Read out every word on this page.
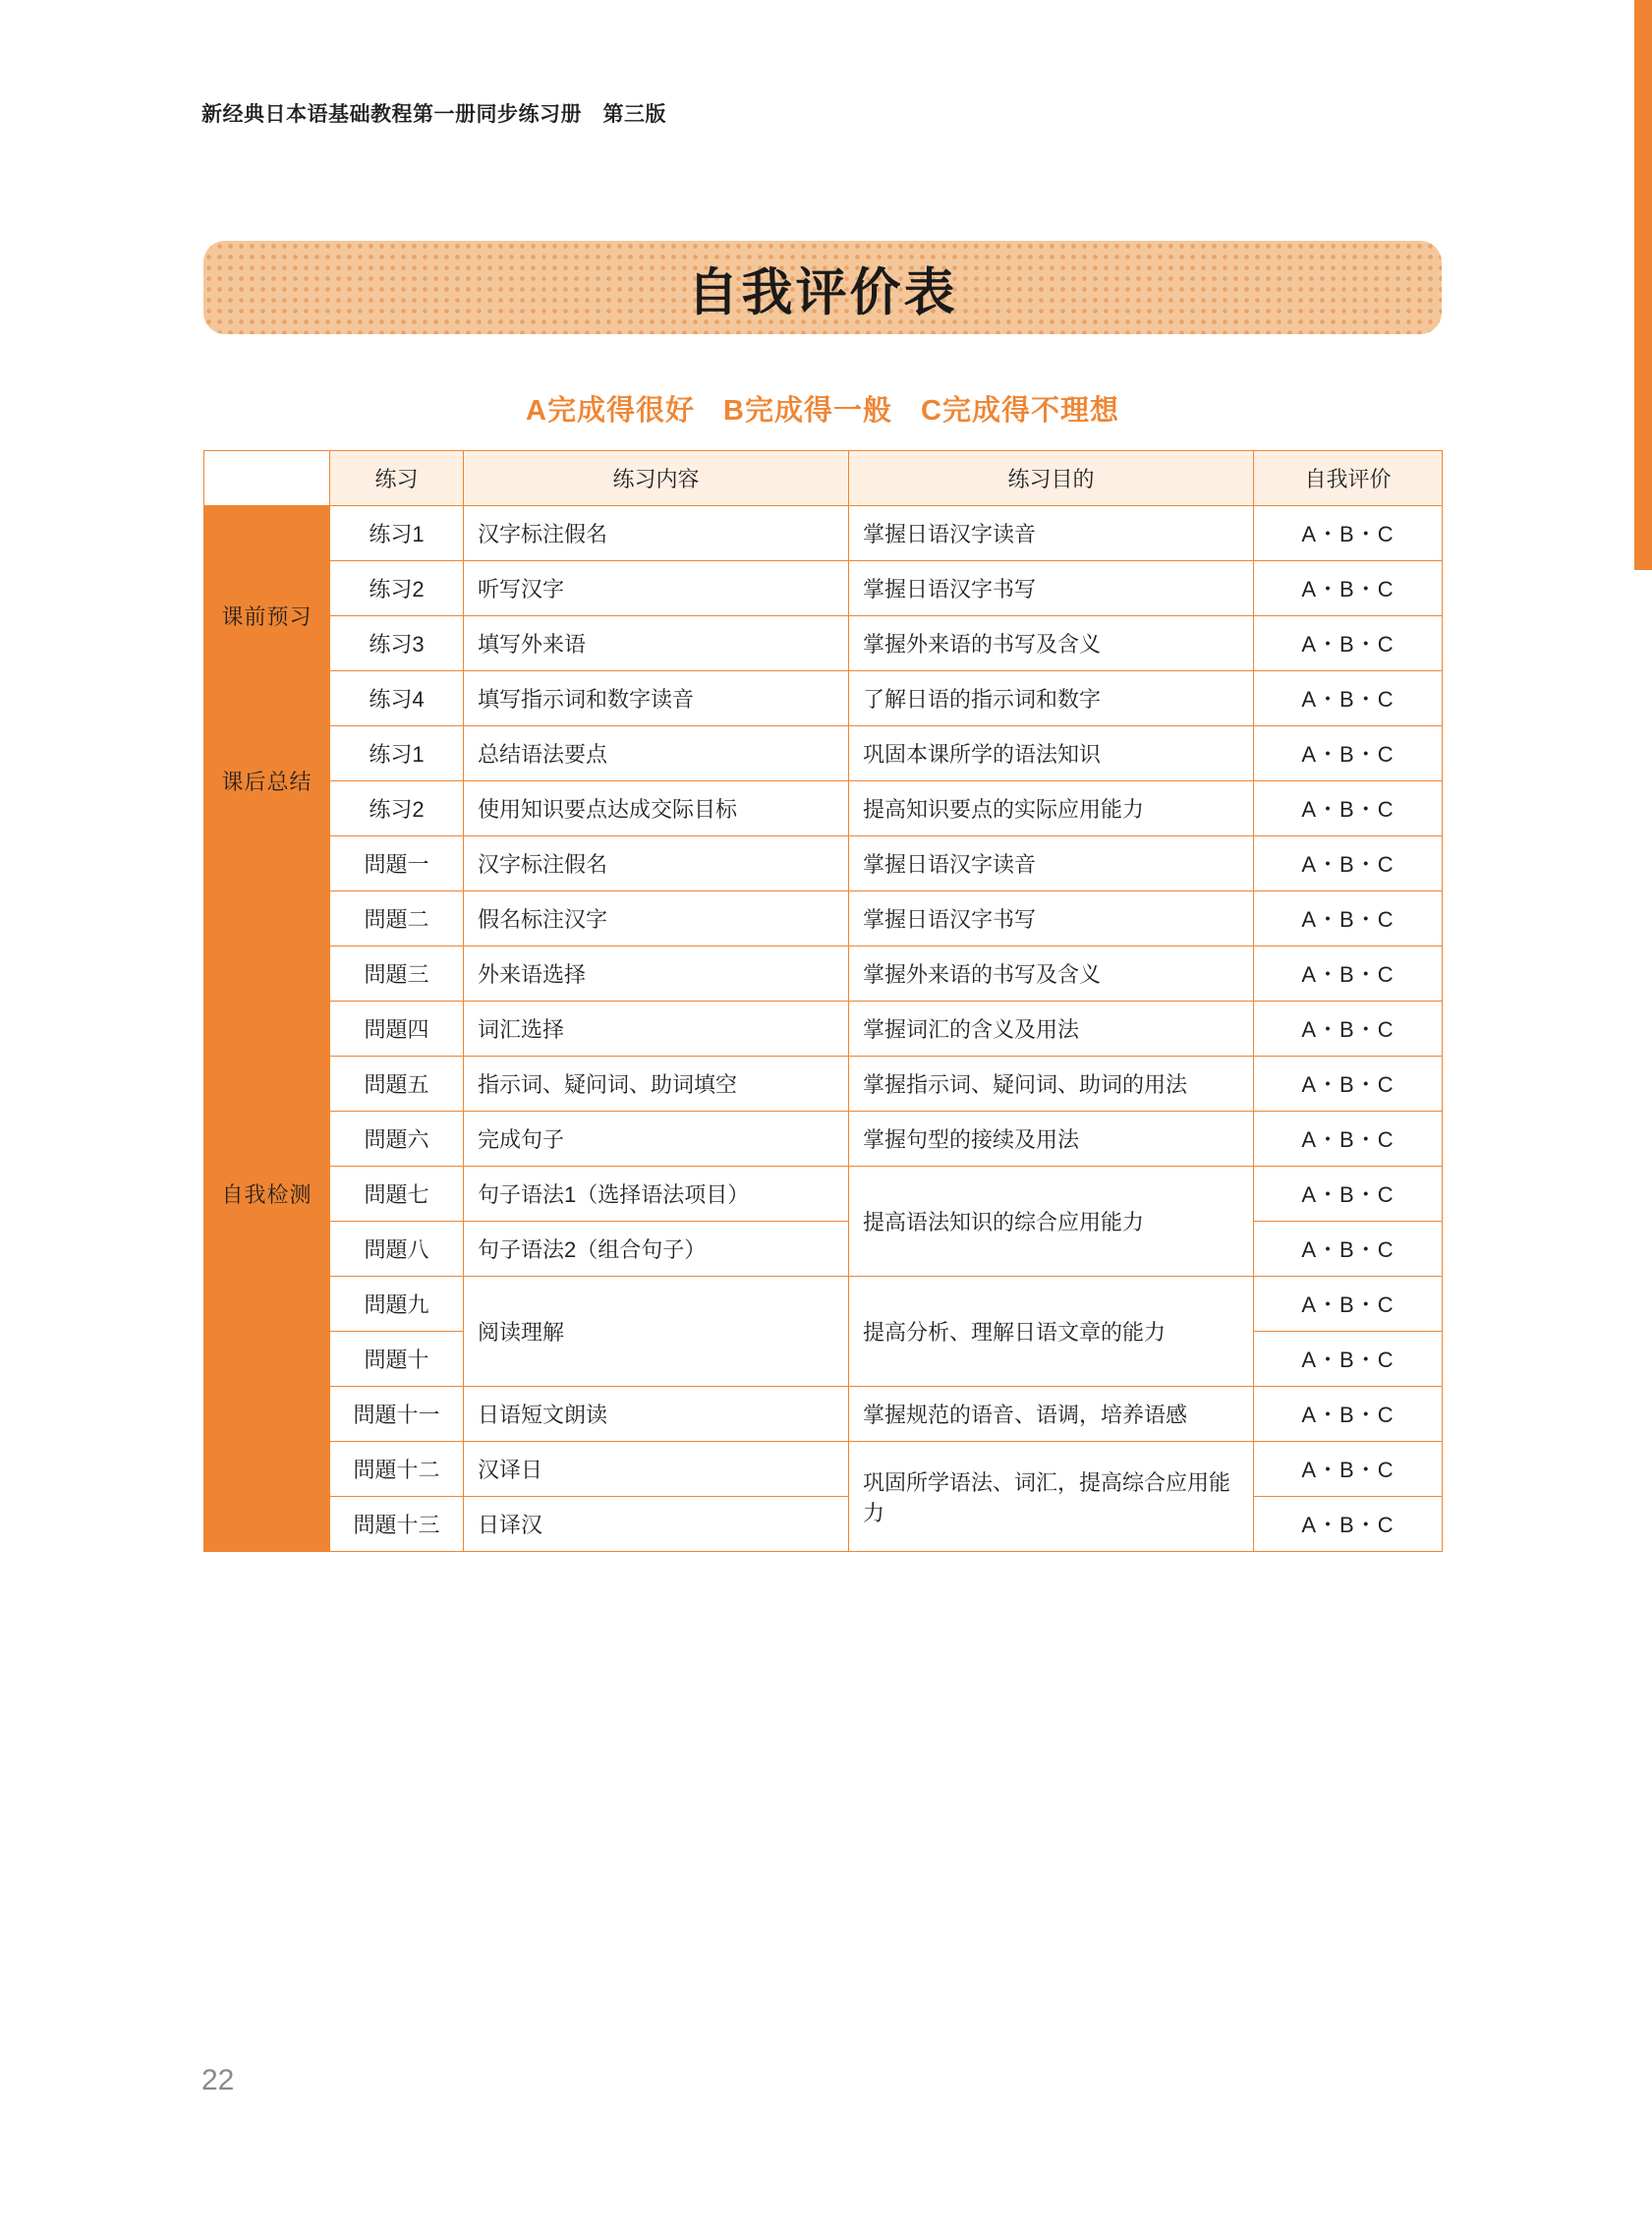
新经典日本语基础教程第一册同步练习册　第三版
自我评价表
A完成得很好 B完成得一般 C完成得不理想
	练习	练习内容	练习目的	自我评价
课前预习	练习1	汉字标注假名	掌握日语汉字读音	A・B・C
	练习2	听写汉字	掌握日语汉字书写	A・B・C
	练习3	填写外来语	掌握外来语的书写及含义	A・B・C
	练习4	填写指示词和数字读音	了解日语的指示词和数字	A・B・C
课后总结	练习1	总结语法要点	巩固本课所学的语法知识	A・B・C
	练习2	使用知识要点达成交际目标	提高知识要点的实际应用能力	A・B・C
自我检测	問題一	汉字标注假名	掌握日语汉字读音	A・B・C
	問題二	假名标注汉字	掌握日语汉字书写	A・B・C
	問題三	外来语选择	掌握外来语的书写及含义	A・B・C
	問題四	词汇选择	掌握词汇的含义及用法	A・B・C
	問題五	指示词、疑问词、助词填空	掌握指示词、疑问词、助词的用法	A・B・C
	問題六	完成句子	掌握句型的接续及用法	A・B・C
	問題七	句子语法1（选择语法项目）	提高语法知识的综合应用能力	A・B・C
	問題八	句子语法2（组合句子）		A・B・C
	問題九	阅读理解	提高分析、理解日语文章的能力	A・B・C
	問題十			A・B・C
	問題十一	日语短文朗读	掌握规范的语音、语调，培养语感	A・B・C
	問題十二	汉译日	巩固所学语法、词汇，提高综合应用能力	A・B・C
	問題十三	日译汉		A・B・C
22
